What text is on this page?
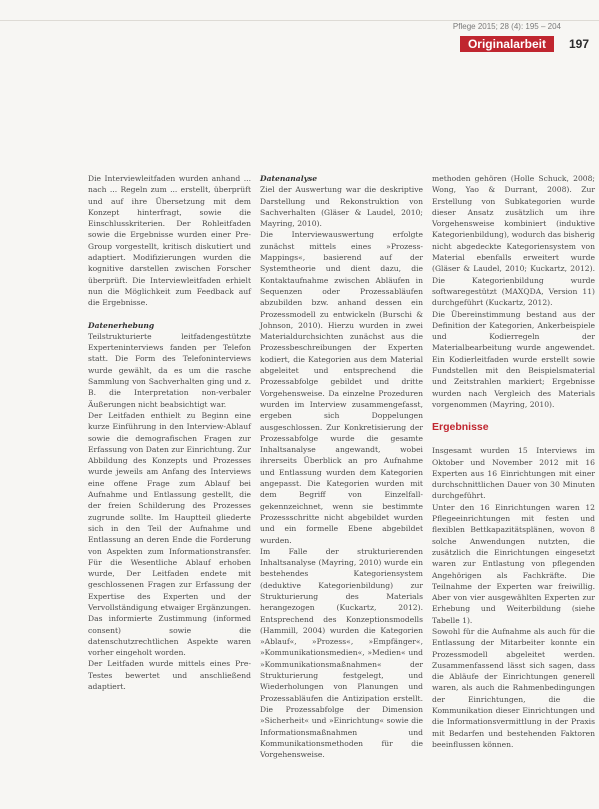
Pflege 2015; 28 (4): 195 – 204
Originalarbeit	197

Die Interviewleitfaden wurden anhand ... nach ... Regeln zum ... erstellt, überprüft und auf ihre Übersetzung mit dem Konzept hinterfragt, sowie die Einschlusskriterien. Der Rohleitfaden sowie die Ergebnisse wurden einer Pre-Group vorgestellt, kritisch diskutiert und adaptiert. Modifizierungen wurden die kognitive darstellen zwischen Forscher überprüft. Die Interviewleitfaden erhielt nun die Möglichkeit zum Feedback auf die Ergebnisse.

Datenerhebung

Teilstrukturierte leitfadengestützte Experteninterviews fanden per Telefon statt. Die Form des Telefoninterviews wurde gewählt, da es um die rasche Sammlung von Sachverhalten ging und z. B. die Interpretation non-verbaler Äußerungen nicht beabsichtigt war.

Der Leitfaden enthielt zu Beginn eine kurze Einführung in den Interview-Ablauf sowie die demografischen Fragen zur Erfassung von Daten zur Einrichtung. Zur Abbildung des Konzepts und Prozesses wurde jeweils am Anfang des Interviews eine offene Frage zum Ablauf bei Aufnahme und Entlassung gestellt, die der freien Schilderung des Prozesses zugrunde sollte. Im Hauptteil gliederte sich in den Teil der Aufnahme und Entlassung an deren Ende die Forderung von Aspekten zum Informationstransfer. Für die Wesentliche Ablauf erhoben wurde, Der Leitfaden endete mit geschlossenen Fragen zur Erfassung der Expertise des Experten und der Vervollständigung etwaiger Ergänzungen. Das informierte Zustimmung (informed consent) sowie die datenschutzrechtlichen Aspekte waren vorher eingeholt worden.

Der Leitfaden wurde mittels eines Pre-Testes bewertet und anschließend adaptiert.

Datenanalyse

Ziel der Auswertung war die deskriptive Darstellung und Rekonstruktion von Sachverhalten (Gläser & Laudel, 2010; Mayring, 2010).

Die Interviewauswertung erfolgte zunächst mittels eines »Prozess-Mappings«, basierend auf der Systemtheorie und dient dazu, die Kontaktaufnahme zwischen Abläufen in Sequenzen oder Prozessabläufen abzubilden bzw. anhand dessen ein Prozessmodell zu entwickeln (Burschi & Johnson, 2010). Hierzu wurden in zwei Materialdurchsichten zunächst aus die Prozessbeschreibungen der Experten kodiert, die Kategorien aus dem Material abgeleitet und entsprechend die Prozessabfolge gebildet und dritte Vorgehensweise. Da einzelne Prozeduren wurden im Interview zusammengefasst, ergeben sich Doppelungen ausgeschlossen. Zur Konkretisierung der Prozessabfolge wurde die gesamte Inhaltsanalyse angewandt, wobei ihrerseits Überblick an pro Aufnahme und Entlassung wurden dem Kategorien angepasst. Die Kategorien wurden mit dem Begriff von Einzelfall- gekennzeichnet, wenn sie bestimmte Prozessschritte nicht abgebildet wurden und ein formelle Ebene abgebildet wurden.

Im Falle der strukturierenden Inhaltsanalyse (Mayring, 2010) wurde ein bestehendes Kategoriensystem (deduktive Kategorienbildung) zur Strukturierung des Materials herangezogen (Kuckartz, 2012). Entsprechend des Konzeptionsmodells (Hammill, 2004) wurden die Kategorien »Ablauf«, »Prozess«, »Empfänger«, »Kommunikationsmedien«, »Medien« und »Kommunikationsmaßnahmen« der Strukturierung festgelegt, und Wiederholungen von Planungen und Prozessabläufen die Antizipation erstellt. Die Prozessabfolge der Dimension »Sicherheit« und »Einrichtung« sowie die Informationsmaßnahmen und Kommunikationsmethoden für die Vorgehensweise.

methoden gehören (Holle Schuck, 2008; Wong, Yao & Durrant, 2008). Zur Erstellung von Subkategorien wurde dieser Ansatz zusätzlich um ihre Vorgehensweise kombiniert (induktive Kategorienbildung), wodurch das bisherig nicht abgedeckte Kategoriensystem von Material ebenfalls erweitert wurde (Gläser & Laudel, 2010; Kuckartz, 2012). Die Kategorienbildung wurde softwaregestützt (MAXQDA, Version 11) durchgeführt (Kuckartz, 2012).

Die Übereinstimmung bestand aus der Definition der Kategorien, Ankerbeispiele und Kodierregeln der Materialbearbeitung wurde angewendet. Ein Kodierleitfaden wurde erstellt sowie Fundstellen mit den Beispielsmaterial und Zeitstrahlen markiert; Ergebnisse wurden nach Vergleich des Materials vorgenommen (Mayring, 2010).

Ergebnisse

Insgesamt wurden 15 Interviews im Oktober und November 2012 mit 16 Experten aus 16 Einrichtungen mit einer durchschnittlichen Dauer von 30 Minuten durchgeführt.

Unter den 16 Einrichtungen waren 12 Pflegeeinrichtungen mit festen und flexiblen Bettkapazitätsplänen, wovon 8 solche Anwendungen nutzten, die zusätzlich die Einrichtungen eingesetzt waren zur Entlastung von pflegenden Angehörigen als Fachkräfte. Die Teilnahme der Experten war freiwillig. Aber von vier ausgewählten Experten zur Erhebung und Weiterbildung (siehe Tabelle 1).

Sowohl für die Aufnahme als auch für die Entlassung der Mitarbeiter konnte ein Prozessmodell abgeleitet werden. Zusammenfassend lässt sich sagen, dass die Abläufe der Einrichtungen generell waren, als auch die Rahmenbedingungen der Einrichtungen, die die Kommunikation dieser Einrichtungen und die Informationsvermittlung in der Praxis mit Bedarfen und bestehenden Faktoren beeinflussen können.
